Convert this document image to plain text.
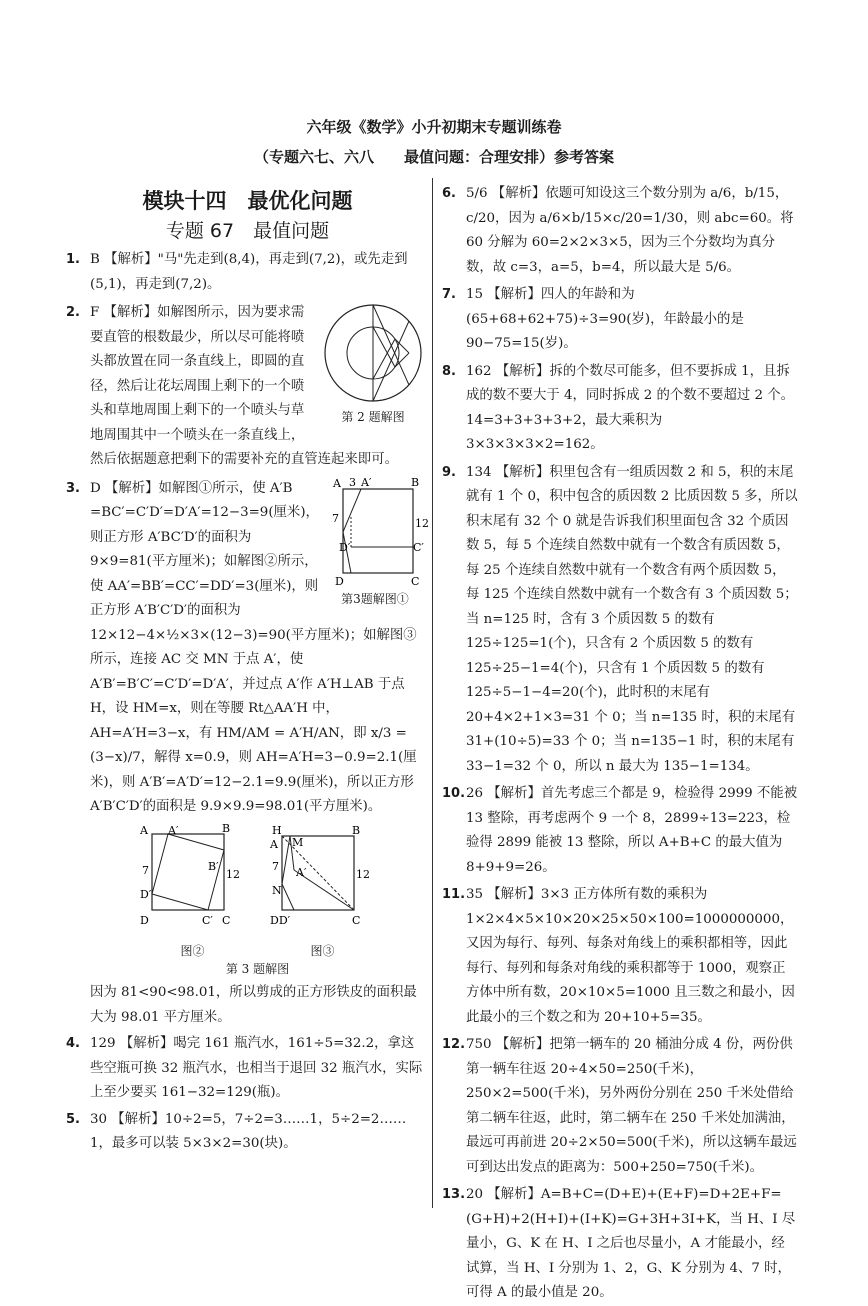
六年级《数学》小升初期末专题训练卷
（专题六七、六八　　最值问题：合理安排）参考答案
模块十四　最优化问题
专题 67　最值问题
1. B 【解析】"马"先走到(8,4)，再走到(7,2)，或先走到(5,1)，再走到(7,2)。
2.
第 2 题解图
F 【解析】如解图所示，因为要求需要直管的根数最少，所以尽可能将喷头都放置在同一条直线上，即圆的直径，然后让花坛周围上剩下的一个喷头和草地周围上剩下的一个喷头与草地周围其中一个喷头在一条直线上，然后依据题意把剩下的需要补充的直管连起来即可。
3.	A 3 A′	B
7	12
D′	C′
D	C
第3题解图①
D 【解析】如解图①所示，使 A′B =BC′=C′D′=D′A′=12−3=9(厘米)，则正方形 A′BC′D′的面积为 9×9=81(平方厘米)；如解图②所示，使 AA′=BB′=CC′=DD′=3(厘米)，则正方形 A′B′C′D′的面积为 12×12−4×½×3×(12−3)=90(平方厘米)；如解图③所示，连接 AC 交 MN 于点 A′，使 A′B′=B′C′=C′D′=D′A′，并过点 A′作 A′H⊥AB 于点 H，设 HM=x，则在等腰 Rt△AA′H 中，AH=A′H=3−x，有 HM/AM = A′H/AN，即 x/3 = (3−x)/7，解得 x=0.9，则 AH=A′H=3−0.9=2.1(厘米)，则 A′B′=A′D′=12−2.1=9.9(厘米)，所以正方形 A′B′C′D′的面积是 9.9×9.9=98.01(平方厘米)。
A A′	B
7	12
B′
D′
D	C′ C
图②
H
A M
B
7 A′	12
N
DD′	C
图③
第 3 题解图
因为 81<90<98.01，所以剪成的正方形铁皮的面积最大为 98.01 平方厘米。
4. 129 【解析】喝完 161 瓶汽水，161÷5=32.2，拿这些空瓶可换 32 瓶汽水，也相当于退回 32 瓶汽水，实际上至少要买 161−32=129(瓶)。
5. 30 【解析】10÷2=5，7÷2=3……1，5÷2=2……1，最多可以装 5×3×2=30(块)。
6. 5/6 【解析】依题可知设这三个数分别为 a/6，b/15，c/20，因为 a/6×b/15×c/20=1/30，则 abc=60。将 60 分解为 60=2×2×3×5，因为三个分数均为真分数，故 c=3，a=5，b=4，所以最大是 5/6。
7. 15 【解析】四人的年龄和为(65+68+62+75)÷3=90(岁)，年龄最小的是 90−75=15(岁)。
8. 162 【解析】拆的个数尽可能多，但不要拆成 1，且拆成的数不要大于 4，同时拆成 2 的个数不要超过 2 个。14=3+3+3+3+2，最大乘积为 3×3×3×3×2=162。
9. 134 【解析】积里包含有一组质因数 2 和 5，积的末尾就有 1 个 0，积中包含的质因数 2 比质因数 5 多，所以积末尾有 32 个 0 就是告诉我们积里面包含 32 个质因数 5，每 5 个连续自然数中就有一个数含有质因数 5，每 25 个连续自然数中就有一个数含有两个质因数 5，每 125 个连续自然数中就有一个数含有 3 个质因数 5；当 n=125 时，含有 3 个质因数 5 的数有 125÷125=1(个)，只含有 2 个质因数 5 的数有 125÷25−1=4(个)，只含有 1 个质因数 5 的数有 125÷5−1−4=20(个)，此时积的末尾有 20+4×2+1×3=31 个 0；当 n=135 时，积的末尾有 31+(10÷5)=33 个 0；当 n=135−1 时，积的末尾有 33−1=32 个 0，所以 n 最大为 135−1=134。
10. 26 【解析】首先考虑三个都是 9，检验得 2999 不能被 13 整除，再考虑两个 9 一个 8，2899÷13=223，检验得 2899 能被 13 整除，所以 A+B+C 的最大值为 8+9+9=26。
11. 35 【解析】3×3 正方体所有数的乘积为 1×2×4×5×10×20×25×50×100=1000000000，又因为每行、每列、每条对角线上的乘积都相等，因此每行、每列和每条对角线的乘积都等于 1000，观察正方体中所有数，20×10×5=1000 且三数之和最小，因此最小的三个数之和为 20+10+5=35。
12. 750 【解析】把第一辆车的 20 桶油分成 4 份，两份供第一辆车往返 20÷4×50=250(千米)，250×2=500(千米)，另外两份分别在 250 千米处借给第二辆车往返，此时，第二辆车在 250 千米处加满油，最远可再前进 20÷2×50=500(千米)，所以这辆车最远可到达出发点的距离为：500+250=750(千米)。
13. 20 【解析】A=B+C=(D+E)+(E+F)=D+2E+F=(G+H)+2(H+I)+(I+K)=G+3H+3I+K，当 H、I 尽量小，G、K 在 H、I 之后也尽量小，A 才能最小，经试算，当 H、I 分别为 1、2，G、K 分别为 4、7 时，可得 A 的最小值是 20。
